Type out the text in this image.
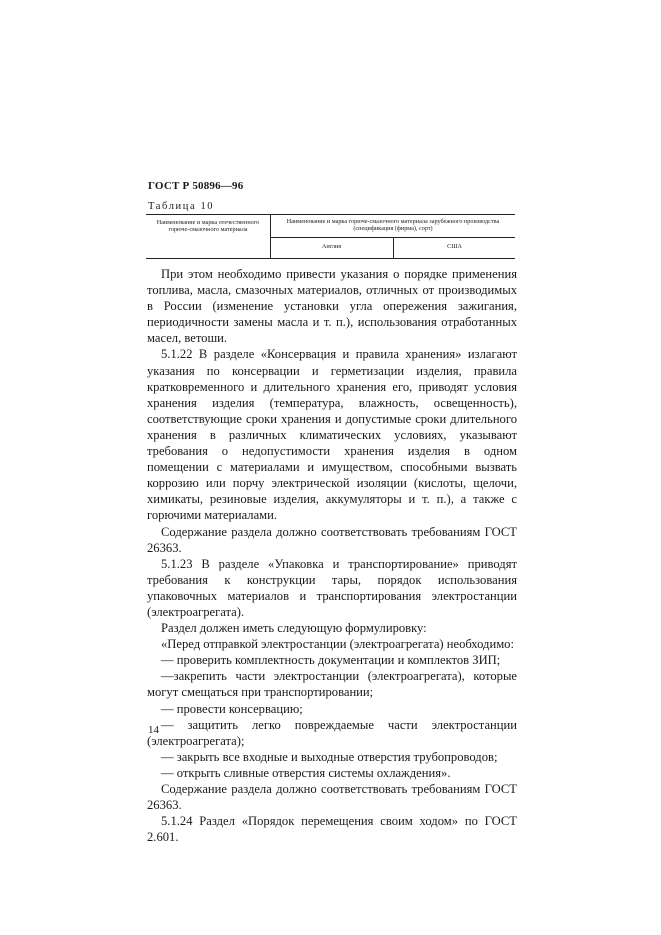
ГОСТ Р 50896—96
Таблица 10
Наименование и марка отечественного горюче-смазочного материала
Наименование и марка горюче-смазочного материала зарубежного производства (спецификация (фирма), сорт)
Англия	США

При этом необходимо привести указания о порядке применения топлива, масла, смазочных материалов, отличных от производимых в России (изменение установки угла опережения зажигания, периодичности замены масла и т. п.), использования отработанных масел, ветоши.

5.1.22 В разделе «Консервация и правила хранения» излагают указания по консервации и герметизации изделия, правила кратковременного и длительного хранения его, приводят условия хранения изделия (температура, влажность, освещенность), соответствующие сроки хранения и допустимые сроки длительного хранения в различных климатических условиях, указывают требования о недопустимости хранения изделия в одном помещении с материалами и имуществом, способными вызвать коррозию или порчу электрической изоляции (кислоты, щелочи, химикаты, резиновые изделия, аккумуляторы и т. п.), а также с горючими материалами.

Содержание раздела должно соответствовать требованиям ГОСТ 26363.

5.1.23 В разделе «Упаковка и транспортирование» приводят требования к конструкции тары, порядок использования упаковочных материалов и транспортирования электростанции (электроагрегата).

Раздел должен иметь следующую формулировку:

«Перед отправкой электростанции (электроагрегата) необходимо:

— проверить комплектность документации и комплектов ЗИП;

—закрепить части электростанции (электроагрегата), которые могут смещаться при транспортировании;

— провести консервацию;

— защитить легко повреждаемые части электростанции (электроагрегата);

— закрыть все входные и выходные отверстия трубопроводов;

— открыть сливные отверстия системы охлаждения».

Содержание раздела должно соответствовать требованиям ГОСТ 26363.

5.1.24 Раздел «Порядок перемещения своим ходом» по ГОСТ 2.601.

14
